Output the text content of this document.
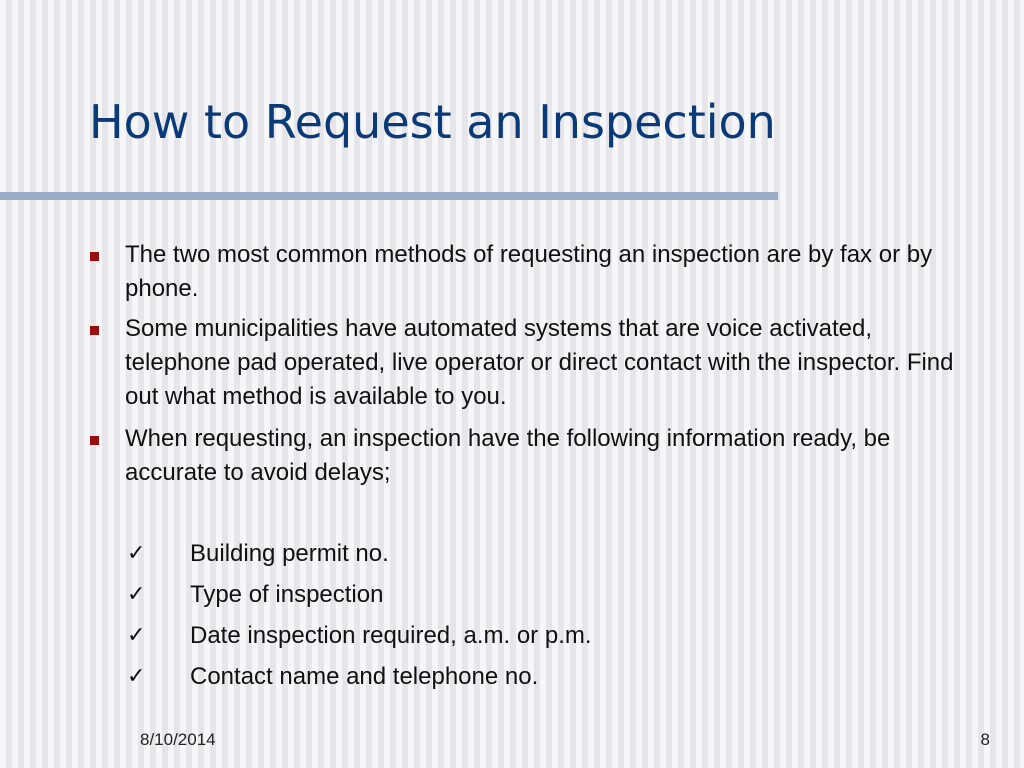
How to Request an Inspection

The two most common methods of requesting an inspection are by fax or by phone.

Some municipalities have automated systems that are voice activated, telephone pad operated, live operator or direct contact with the inspector. Find out what method is available to you.

When requesting, an inspection have the following information ready, be accurate to avoid delays;

✓ Building permit no.
✓ Type of inspection
✓ Date inspection required, a.m. or p.m.
✓ Contact name and telephone no.
8/10/2014	8
